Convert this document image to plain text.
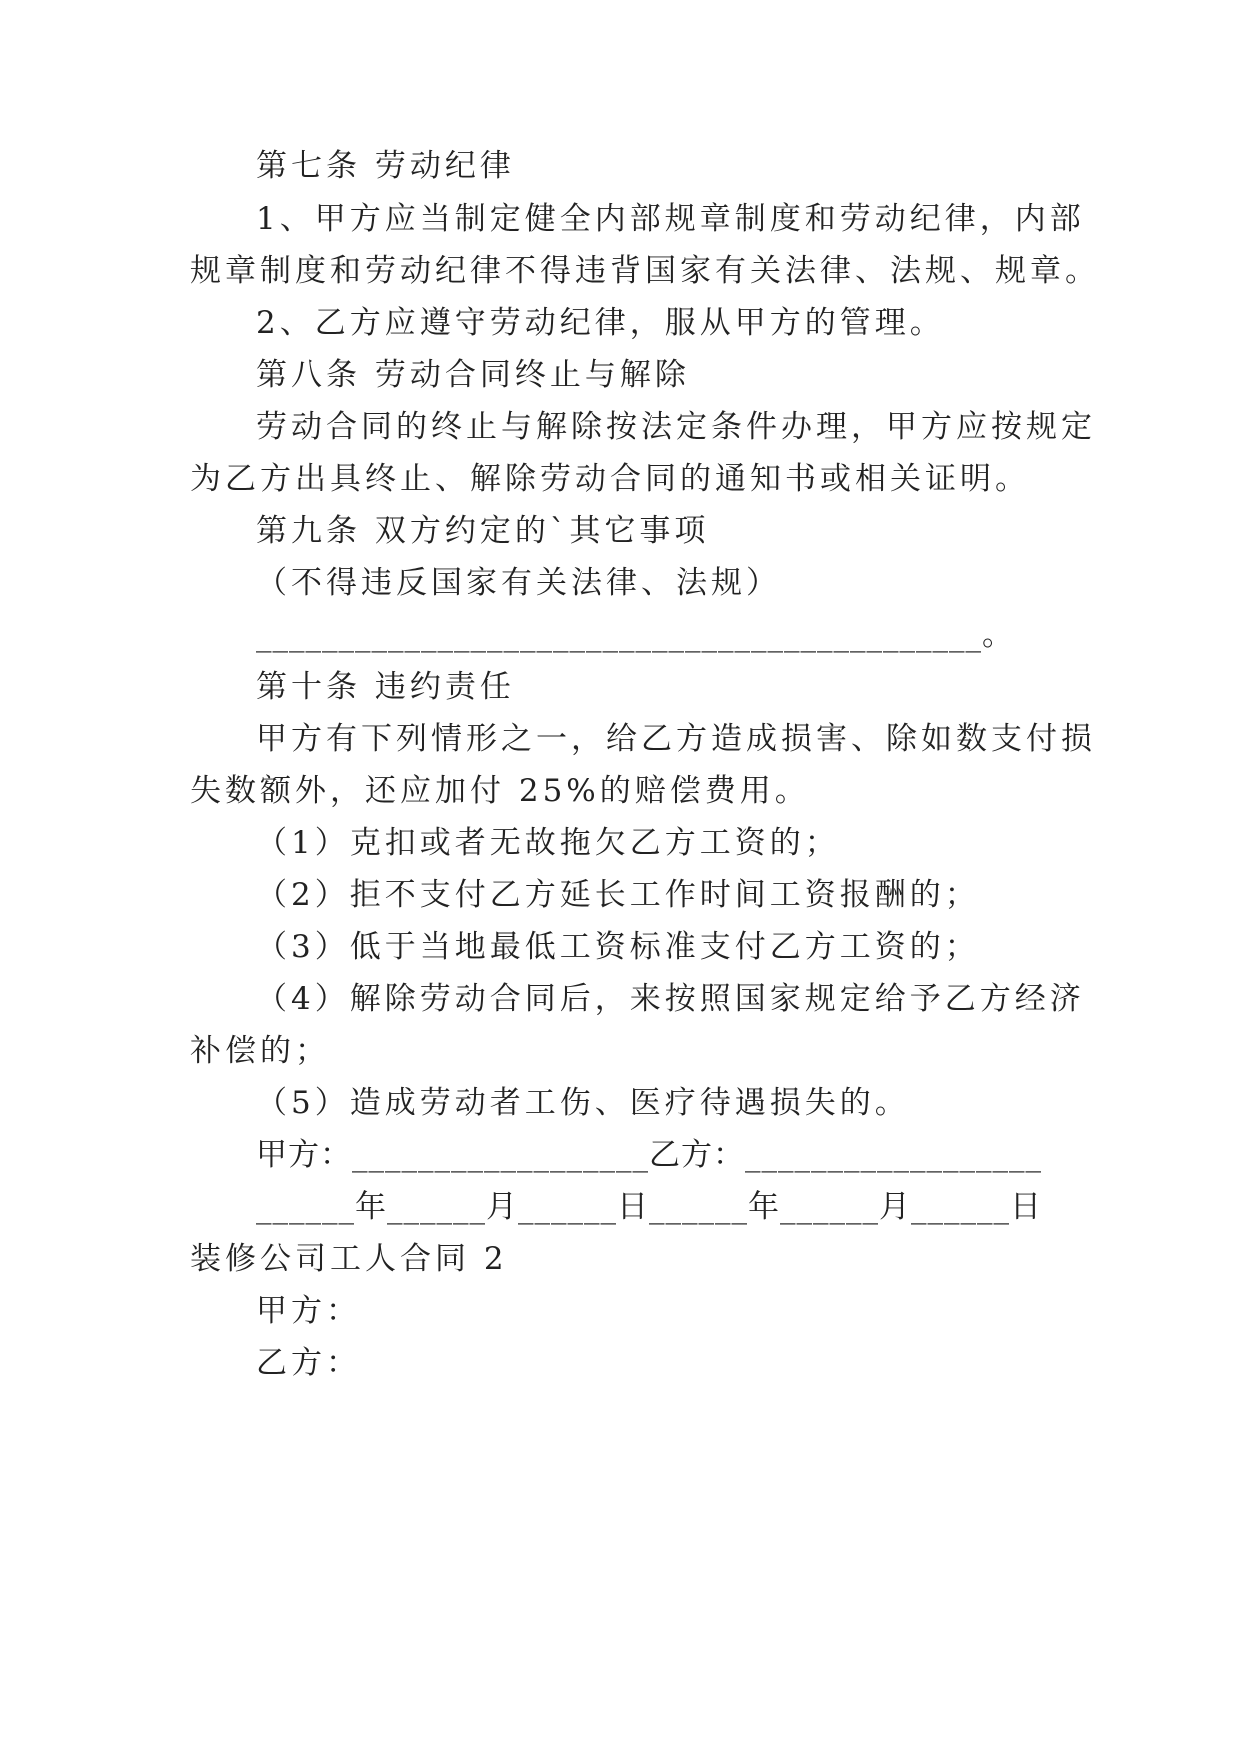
第七条 劳动纪律
1、甲方应当制定健全内部规章制度和劳动纪律，内部
规章制度和劳动纪律不得违背国家有关法律、法规、规章。
2、乙方应遵守劳动纪律，服从甲方的管理。
第八条 劳动合同终止与解除
劳动合同的终止与解除按法定条件办理，甲方应按规定
为乙方出具终止、解除劳动合同的通知书或相关证明。
第九条 双方约定的`其它事项
（不得违反国家有关法律、法规）
____________________________________________。
第十条 违约责任
甲方有下列情形之一，给乙方造成损害、除如数支付损
失数额外，还应加付 25%的赔偿费用。
（1）克扣或者无故拖欠乙方工资的；
（2）拒不支付乙方延长工作时间工资报酬的；
（3）低于当地最低工资标准支付乙方工资的；
（4）解除劳动合同后，来按照国家规定给予乙方经济
补偿的；
（5）造成劳动者工伤、医疗待遇损失的。
甲方：__________________乙方：__________________
______年______月______日______年______月______日
装修公司工人合同 2
甲方：
乙方：
